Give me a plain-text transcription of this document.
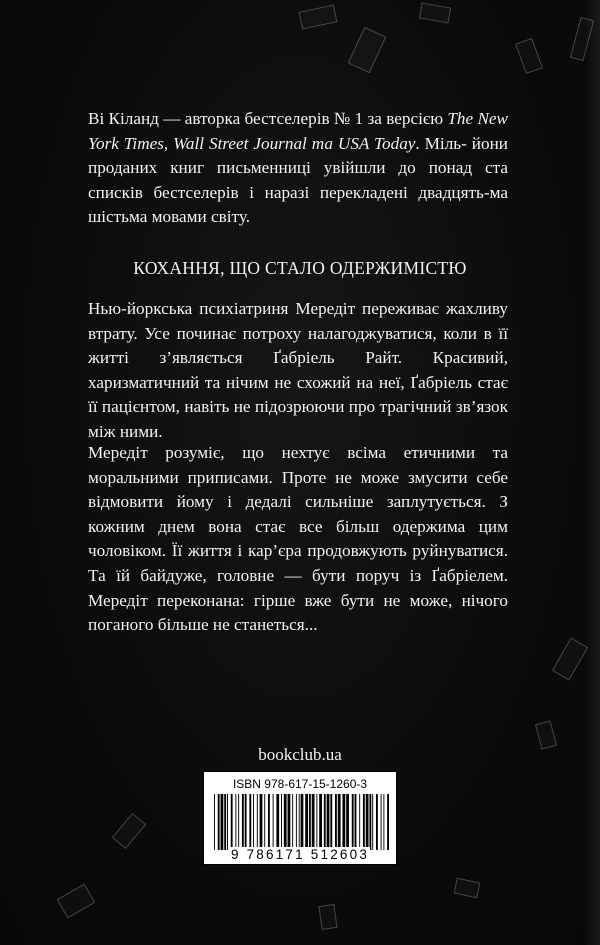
Ві Кіланд — авторка бестселерів № 1 за версією The New York Times, Wall Street Journal та USA Today. Міль- йони проданих книг письменниці увійшли до понад ста списків бестселерів і наразі перекладені двадцять-ма шістьма мовами світу.
КОХАННЯ, ЩО СТАЛО ОДЕРЖИМІСТЮ
Нью-йоркська психіатриня Мередіт переживає жахливу втрату. Усе починає потроху налагоджуватися, коли в її житті з’являється Ґабріель Райт. Красивий, харизматичний та нічим не схожий на неї, Ґабріель стає її пацієнтом, навіть не підозрюючи про трагічний зв’язок між ними.
Мередіт розуміє, що нехтує всіма етичними та моральними приписами. Проте не може змусити себе відмовити йому і дедалі сильніше заплутується. З кожним днем вона стає все більш одержима цим чоловіком. Її життя і кар’єра продовжують руйнуватися. Та їй байдуже, головне — бути поруч із Ґабріелем. Мередіт переконана: гірше вже бути не може, нічого поганого більше не станеться...
bookclub.ua
ISBN 978-617-15-1260-3
9 786171 512603
